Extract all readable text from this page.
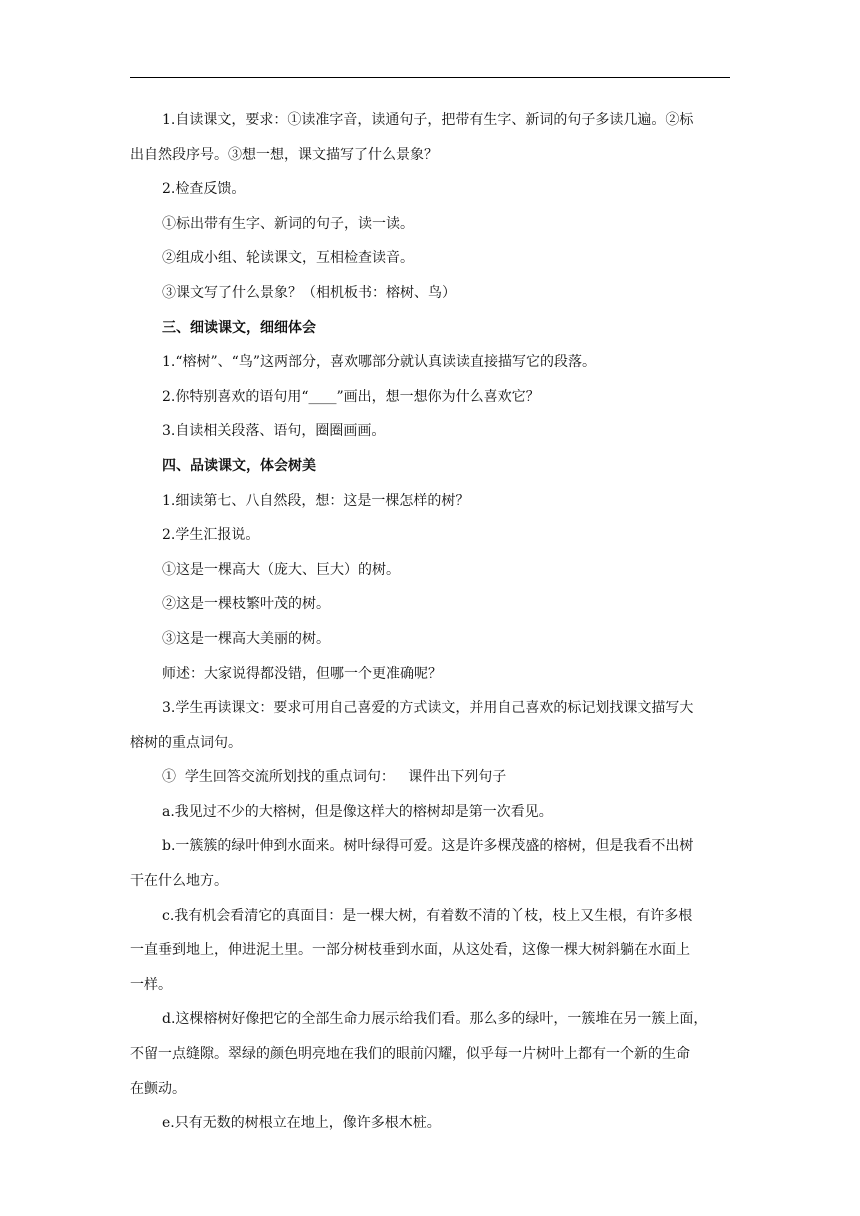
1.自读课文，要求：①读准字音，读通句子，把带有生字、新词的句子多读几遍。②标
出自然段序号。③想一想，课文描写了什么景象？
2.检查反馈。
①标出带有生字、新词的句子，读一读。
②组成小组、轮读课文，互相检查读音。
③课文写了什么景象？（相机板书：榕树、鸟）
三、细读课文，细细体会
1.“榕树”、“鸟”这两部分，喜欢哪部分就认真读读直接描写它的段落。
2.你特别喜欢的语句用“____”画出，想一想你为什么喜欢它？
3.自读相关段落、语句，圈圈画画。
四、品读课文，体会树美
1.细读第七、八自然段，想：这是一棵怎样的树？
2.学生汇报说。
①这是一棵高大（庞大、巨大）的树。
②这是一棵枝繁叶茂的树。
③这是一棵高大美丽的树。
师述：大家说得都没错，但哪一个更准确呢？
3.学生再读课文：要求可用自己喜爱的方式读文，并用自己喜欢的标记划找课文描写大
榕树的重点词句。
①  学生回答交流所划找的重点词句：   课件出下列句子
a.我见过不少的大榕树，但是像这样大的榕树却是第一次看见。
b.一簇簇的绿叶伸到水面来。树叶绿得可爱。这是许多棵茂盛的榕树，但是我看不出树
干在什么地方。
c.我有机会看清它的真面目：是一棵大树，有着数不清的丫枝，枝上又生根，有许多根
一直垂到地上，伸进泥土里。一部分树枝垂到水面，从这处看，这像一棵大树斜躺在水面上
一样。
d.这棵榕树好像把它的全部生命力展示给我们看。那么多的绿叶，一簇堆在另一簇上面，
不留一点缝隙。翠绿的颜色明亮地在我们的眼前闪耀，似乎每一片树叶上都有一个新的生命
在颤动。
e.只有无数的树根立在地上，像许多根木桩。
